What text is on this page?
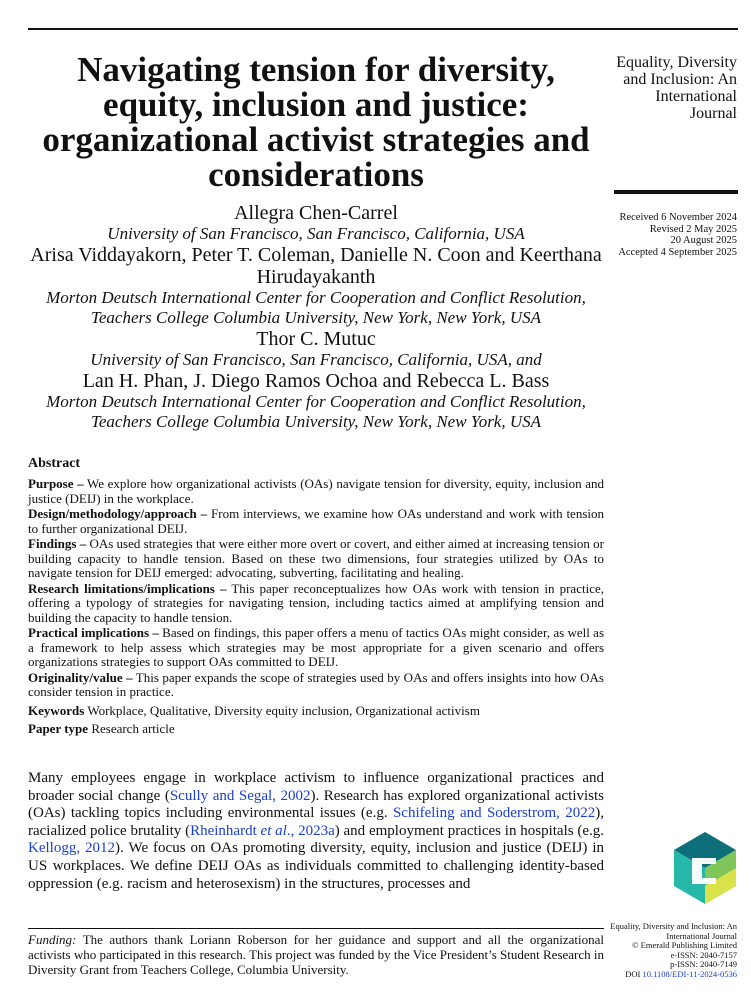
Navigating tension for diversity, equity, inclusion and justice: organizational activist strategies and considerations
Equality, Diversity
and Inclusion: An
International
Journal
Received 6 November 2024
Revised 2 May 2025
20 August 2025
Accepted 4 September 2025
Allegra Chen-Carrel
University of San Francisco, San Francisco, California, USA
Arisa Viddayakorn, Peter T. Coleman, Danielle N. Coon and Keerthana Hirudayakanth
Morton Deutsch International Center for Cooperation and Conflict Resolution, Teachers College Columbia University, New York, New York, USA
Thor C. Mutuc
University of San Francisco, San Francisco, California, USA, and
Lan H. Phan, J. Diego Ramos Ochoa and Rebecca L. Bass
Morton Deutsch International Center for Cooperation and Conflict Resolution, Teachers College Columbia University, New York, New York, USA
Abstract

Purpose – We explore how organizational activists (OAs) navigate tension for diversity, equity, inclusion and justice (DEIJ) in the workplace.

Design/methodology/approach – From interviews, we examine how OAs understand and work with tension to further organizational DEIJ.

Findings – OAs used strategies that were either more overt or covert, and either aimed at increasing tension or building capacity to handle tension. Based on these two dimensions, four strategies utilized by OAs to navigate tension for DEIJ emerged: advocating, subverting, facilitating and healing.

Research limitations/implications – This paper reconceptualizes how OAs work with tension in practice, offering a typology of strategies for navigating tension, including tactics aimed at amplifying tension and building the capacity to handle tension.

Practical implications – Based on findings, this paper offers a menu of tactics OAs might consider, as well as a framework to help assess which strategies may be most appropriate for a given scenario and offers organizations strategies to support OAs committed to DEIJ.

Originality/value – This paper expands the scope of strategies used by OAs and offers insights into how OAs consider tension in practice.

Keywords Workplace, Qualitative, Diversity equity inclusion, Organizational activism

Paper type Research article

Many employees engage in workplace activism to influence organizational practices and broader social change (Scully and Segal, 2002). Research has explored organizational activists (OAs) tackling topics including environmental issues (e.g. Schifeling and Soderstrom, 2022), racialized police brutality (Rheinhardt et al., 2023a) and employment practices in hospitals (e.g. Kellogg, 2012). We focus on OAs promoting diversity, equity, inclusion and justice (DEIJ) in US workplaces. We define DEIJ OAs as individuals committed to challenging identity-based oppression (e.g. racism and heterosexism) in the structures, processes and

Funding: The authors thank Loriann Roberson for her guidance and support and all the organizational activists who participated in this research. This project was funded by the Vice President’s Student Research in Diversity Grant from Teachers College, Columbia University.

Equality, Diversity and Inclusion: An
International Journal
© Emerald Publishing Limited
e-ISSN: 2040-7157
p-ISSN: 2040-7149
DOI 10.1108/EDI-11-2024-0536
